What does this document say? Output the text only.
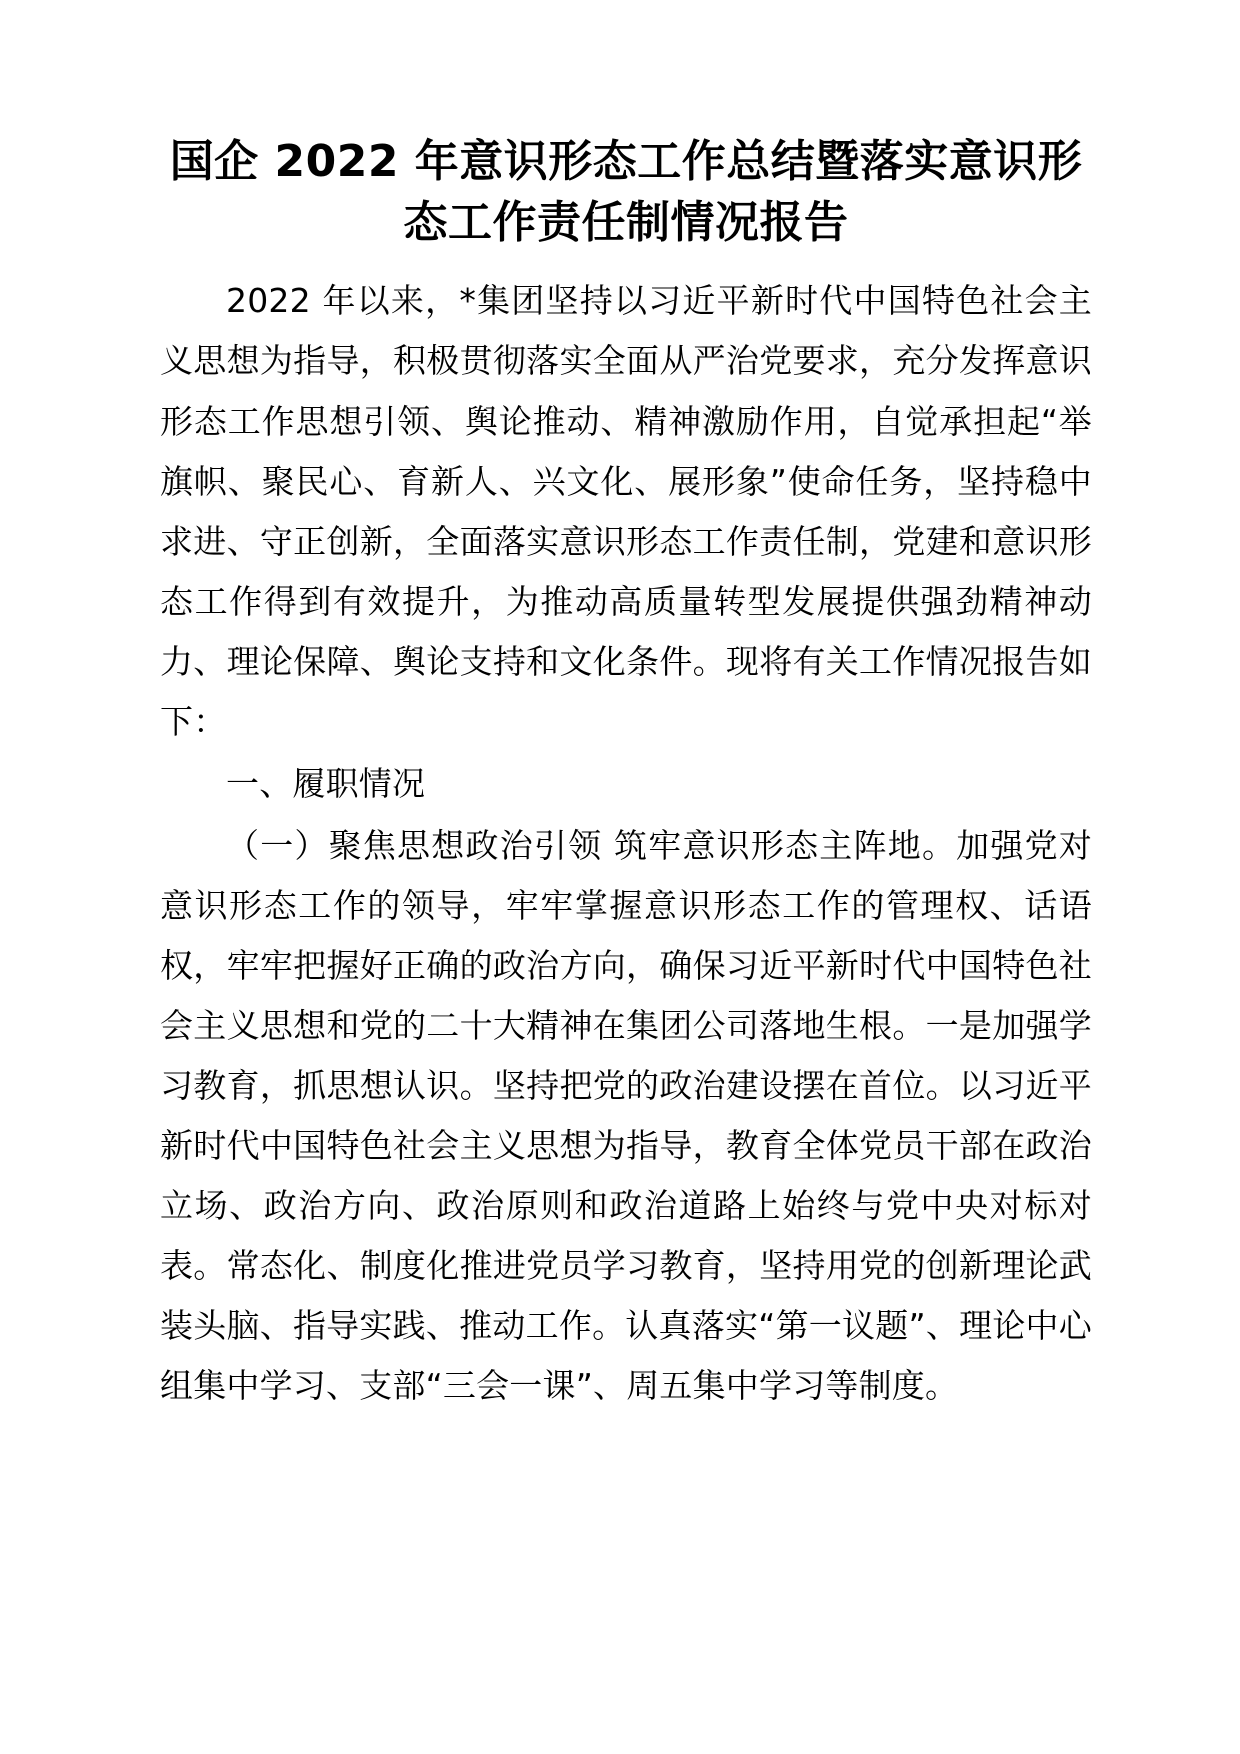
国企 2022 年意识形态工作总结暨落实意识形态工作责任制情况报告

2022 年以来，*集团坚持以习近平新时代中国特色社会主义思想为指导，积极贯彻落实全面从严治党要求，充分发挥意识形态工作思想引领、舆论推动、精神激励作用，自觉承担起“举旗帜、聚民心、育新人、兴文化、展形象”使命任务，坚持稳中求进、守正创新，全面落实意识形态工作责任制，党建和意识形态工作得到有效提升，为推动高质量转型发展提供强劲精神动力、理论保障、舆论支持和文化条件。现将有关工作情况报告如下：

一、履职情况

（一）聚焦思想政治引领 筑牢意识形态主阵地。加强党对意识形态工作的领导，牢牢掌握意识形态工作的管理权、话语权，牢牢把握好正确的政治方向，确保习近平新时代中国特色社会主义思想和党的二十大精神在集团公司落地生根。一是加强学习教育，抓思想认识。坚持把党的政治建设摆在首位。以习近平新时代中国特色社会主义思想为指导，教育全体党员干部在政治立场、政治方向、政治原则和政治道路上始终与党中央对标对表。常态化、制度化推进党员学习教育，坚持用党的创新理论武装头脑、指导实践、推动工作。认真落实“第一议题”、理论中心组集中学习、支部“三会一课”、周五集中学习等制度。
